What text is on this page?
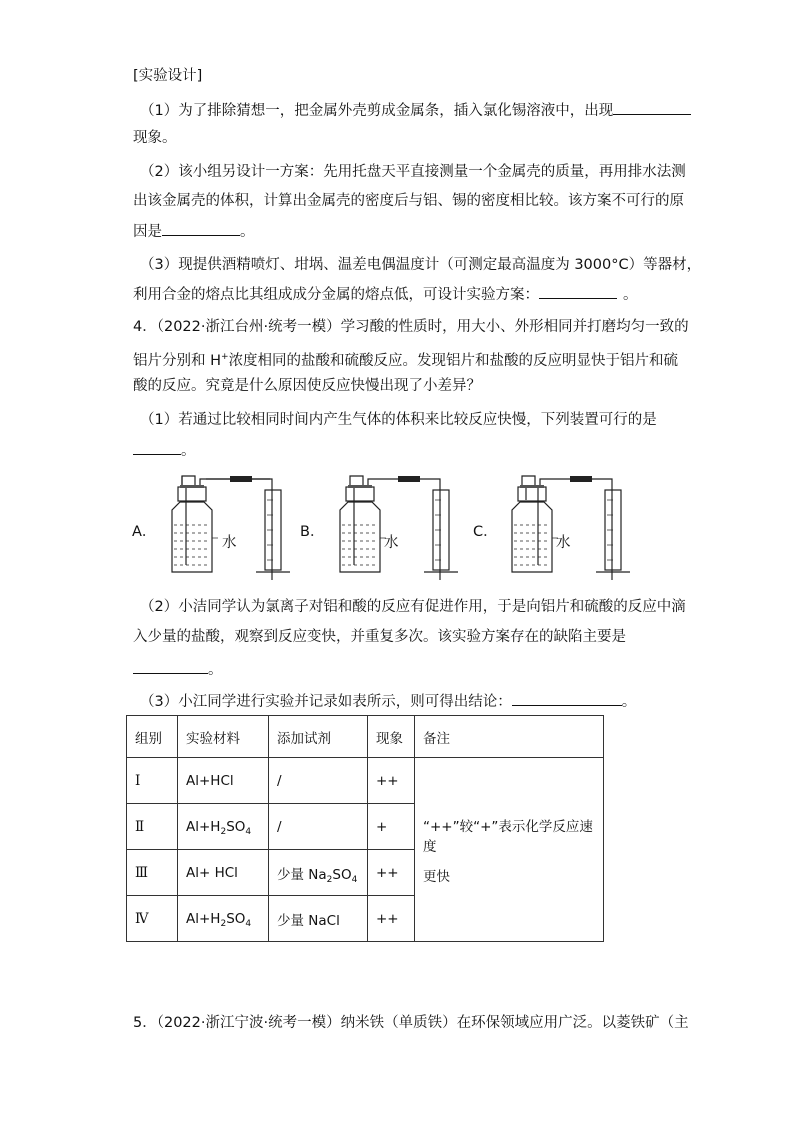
[实验设计]
（1）为了排除猜想一，把金属外壳剪成金属条，插入氯化锡溶液中，出现
现象。
（2）该小组另设计一方案：先用托盘天平直接测量一个金属壳的质量，再用排水法测
出该金属壳的体积，计算出金属壳的密度后与铝、锡的密度相比较。该方案不可行的原
因是	。
（3）现提供酒精喷灯、坩埚、温差电偶温度计（可测定最高温度为 3000°C）等器材，
利用合金的熔点比其组成成分金属的熔点低，可设计实验方案：	。
4．（2022·浙江台州·统考一模）学习酸的性质时，用大小、外形相同并打磨均匀一致的
铝片分别和 H+浓度相同的盐酸和硫酸反应。发现铝片和盐酸的反应明显快于铝片和硫
酸的反应。究竟是什么原因使反应快慢出现了小差异？
（1）若通过比较相同时间内产生气体的体积来比较反应快慢，下列装置可行的是
。
A．
水
B．
水
C．
水
（2）小洁同学认为氯离子对铝和酸的反应有促进作用，于是向铝片和硫酸的反应中滴
入少量的盐酸，观察到反应变快，并重复多次。该实验方案存在的缺陷主要是
。
（3）小江同学进行实验并记录如表所示，则可得出结论：	。
组别	实验材料	添加试剂	现象	备注
Ⅰ	Al+HCl	/	++	“++”较“+”表示化学反应速度
更快

Ⅱ	$Al+H_2SO_4$	/	+	
Ⅲ	Al+ HCl	少量 $Na_2SO_4$	++	
Ⅳ	$Al+H_2SO_4$	少量 NaCl	++	
5．（2022·浙江宁波·统考一模）纳米铁（单质铁）在环保领域应用广泛。以菱铁矿（主
